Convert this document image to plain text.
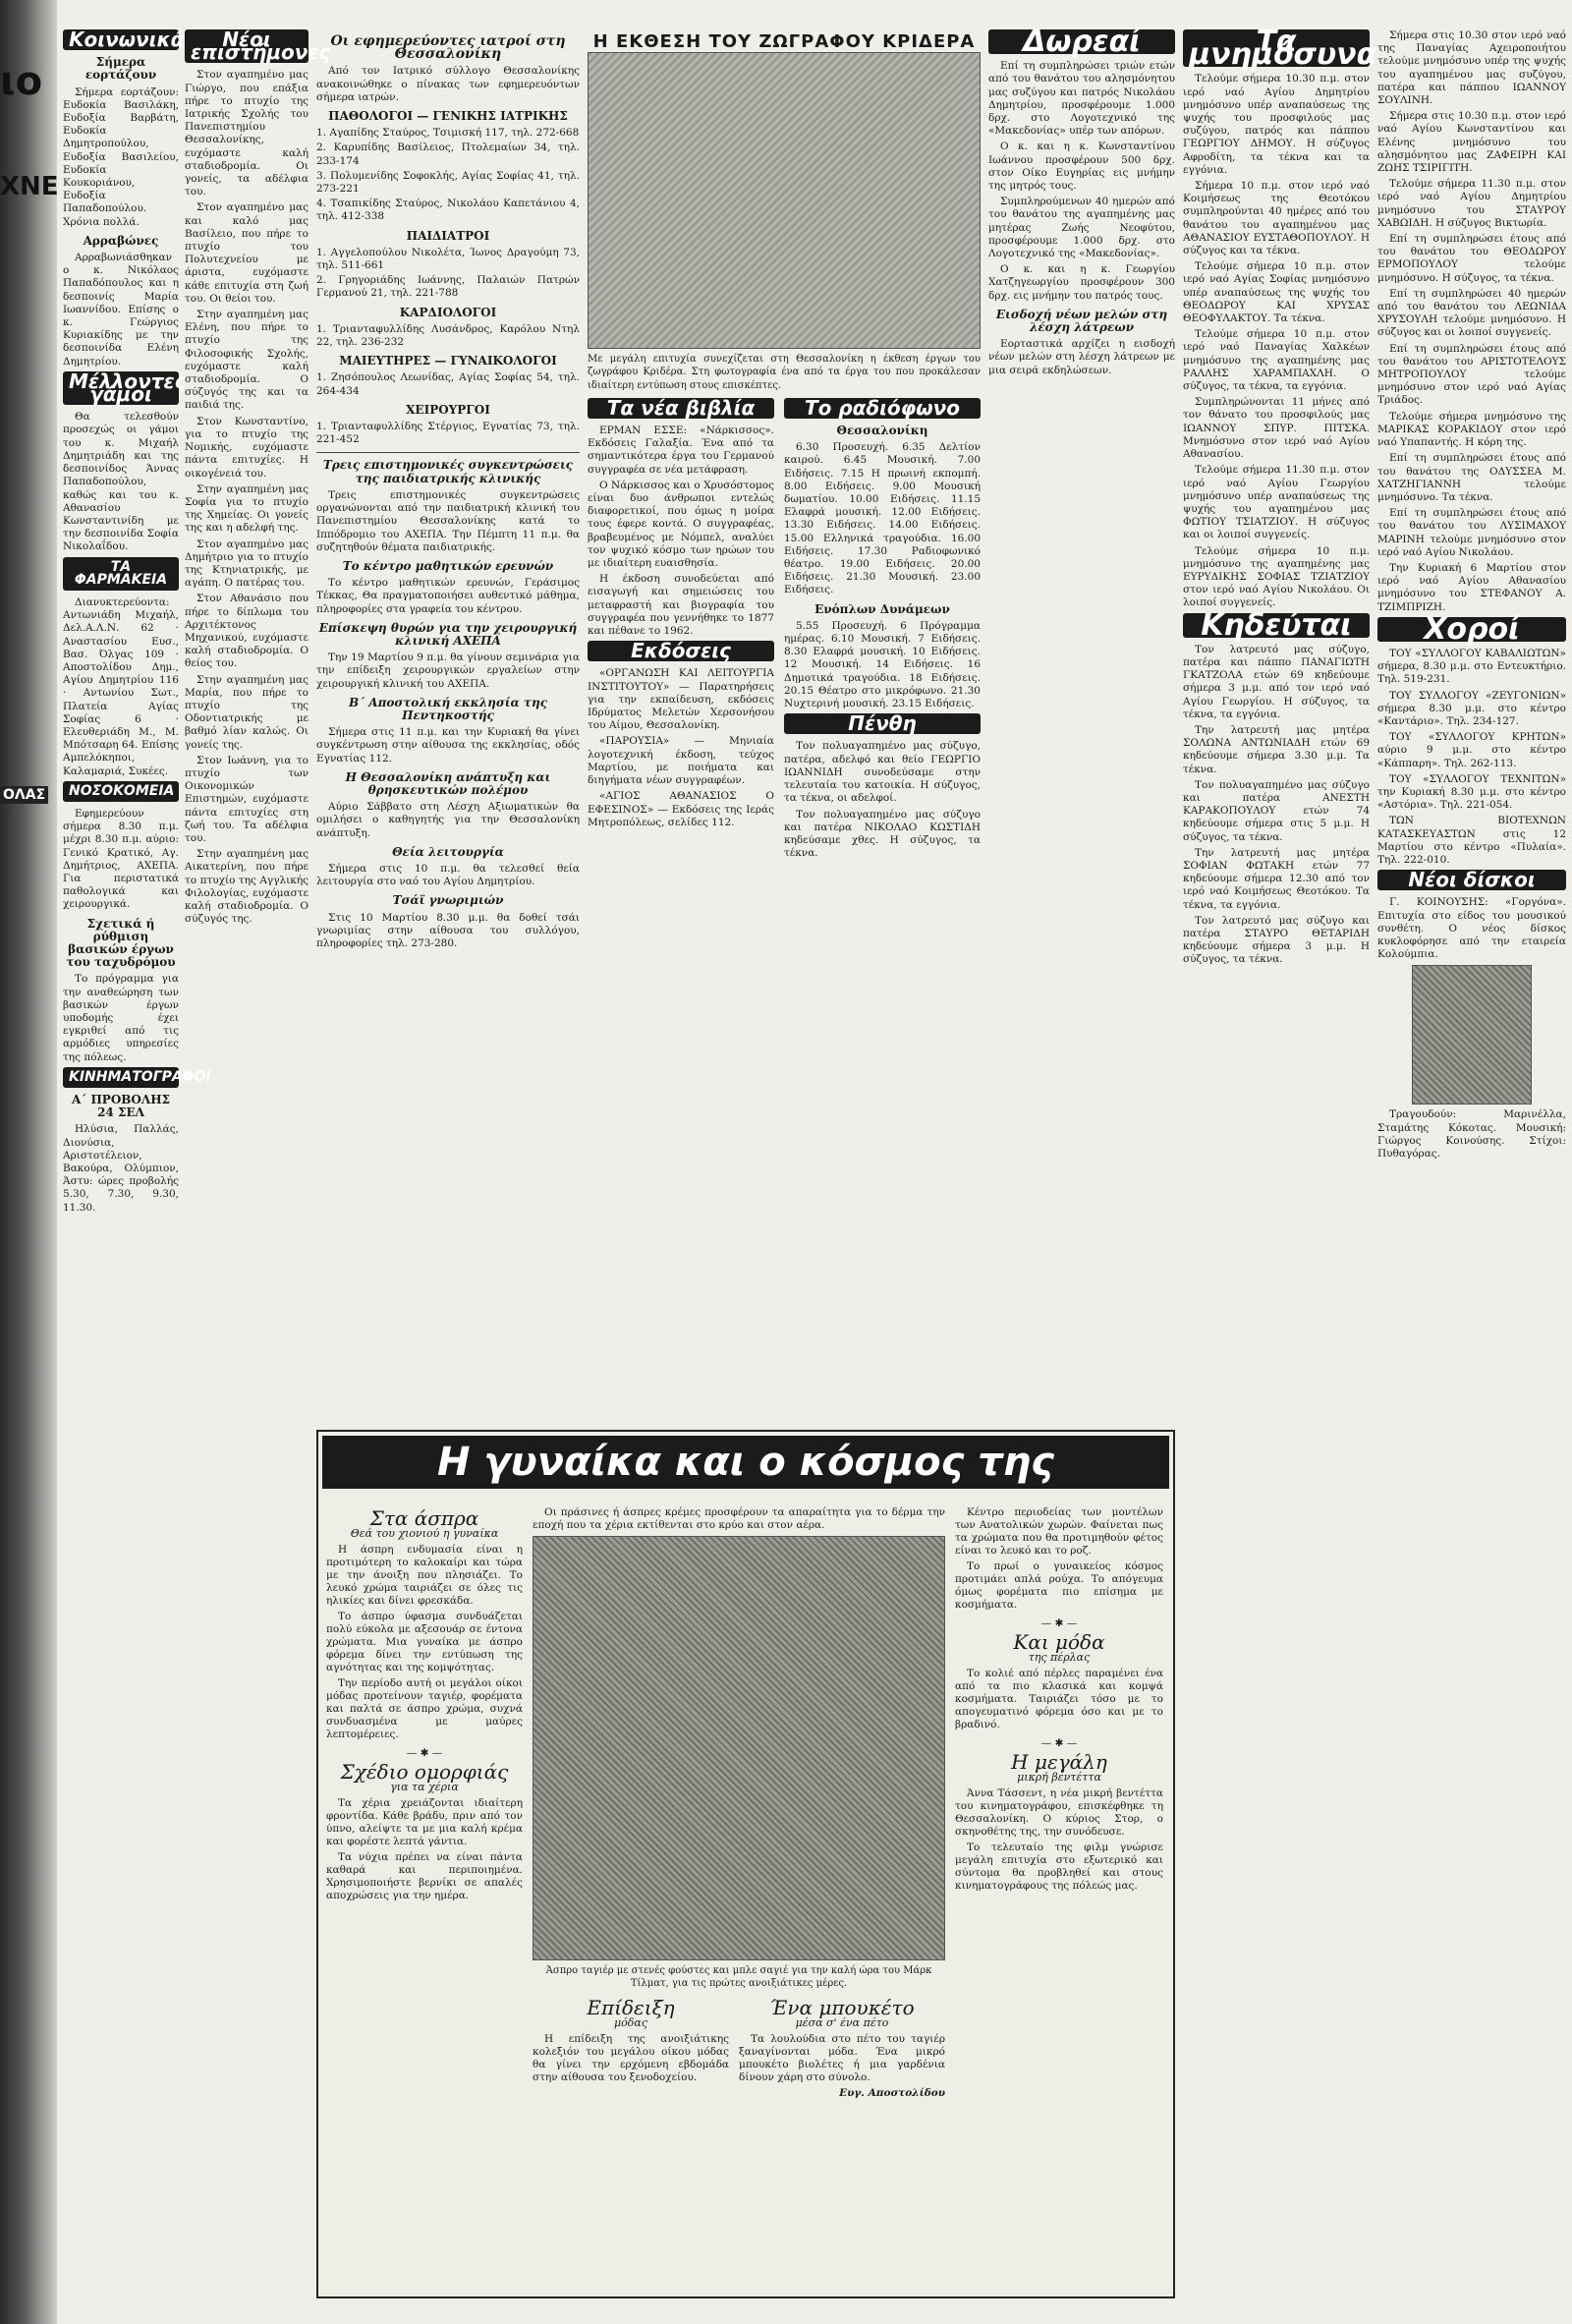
ιο
ΧΝΕ
ΟΛΑΣ
Κοινωνικά
Σήμερα εορτάζουν

Σήμερα εορτάζουν: Ευδοκία Βασιλάκη, Ευδοξία Βαρβάτη, Ευδοκία Δημητροπούλου, Ευδοξία Βασιλείου, Ευδοκία Κουκοριάνου, Ευδοξία Παπαδοπούλου. Χρόνια πολλά.

Αρραβώνες

Αρραβωνιάσθηκαν ο κ. Νικόλαος Παπαδόπουλος και η δεσποινίς Μαρία Ιωαννίδου. Επίσης ο κ. Γεώργιος Κυριακίδης με την δεσποινίδα Ελένη Δημητρίου.

Μέλλοντες γάμοι

Θα τελεσθούν προσεχώς οι γάμοι του κ. Μιχαήλ Δημητριάδη και της δεσποινίδος Άννας Παπαδοπούλου, καθώς και του κ. Αθανασίου Κωνσταντινίδη με την δεσποινίδα Σοφία Νικολαΐδου.

ΤΑ ΦΑΡΜΑΚΕΙΑ

Διανυκτερεύοντα: Αντωνιάδη Μιχαήλ, Δελ.Α.Λ.Ν. 62 · Αναστασίου Ευσ., Βασ. Όλγας 109 · Αποστολίδου Δημ., Αγίου Δημητρίου 116 · Αντωνίου Σωτ., Πλατεία Αγίας Σοφίας 6 · Ελευθεριάδη Μ., Μ. Μπότσαρη 64. Επίσης Αμπελόκηποι, Καλαμαριά, Συκέες.

ΝΟΣΟΚΟΜΕΙΑ

Εφημερεύουν σήμερα 8.30 π.μ. μέχρι 8.30 π.μ. αύριο: Γενικό Κρατικό, Αγ. Δημήτριος, ΑΧΕΠΑ. Για περιστατικά παθολογικά και χειρουργικά.

Σχετικά ή ρύθμιση βασικών έργων του ταχυδρόμου

Το πρόγραμμα για την αναθεώρηση των βασικών έργων υποδομής έχει εγκριθεί από τις αρμόδιες υπηρεσίες της πόλεως.

ΚΙΝΗΜΑΤΟΓΡΑΦΟΙ
Α΄ ΠΡΟΒΟΛΗΣ 24 ΣΕΛ

Ηλύσια, Παλλάς, Διονύσια, Αριστοτέλειον, Βακούρα, Ολύμπιον, Άστυ: ώρες προβολής 5.30, 7.30, 9.30, 11.30.

Νέοι επιστήμονες

Στον αγαπημένο μας Γιώργο, που επάξια πήρε το πτυχίο της Ιατρικής Σχολής του Πανεπιστημίου Θεσσαλονίκης, ευχόμαστε καλή σταδιοδρομία. Οι γονείς, τα αδέλφια του.

Στον αγαπημένο μας και καλό μας Βασίλειο, που πήρε το πτυχίο του Πολυτεχνείου με άριστα, ευχόμαστε κάθε επιτυχία στη ζωή του. Οι θείοι του.

Στην αγαπημένη μας Ελένη, που πήρε το πτυχίο της Φιλοσοφικής Σχολής, ευχόμαστε καλή σταδιοδρομία. Ο σύζυγός της και τα παιδιά της.

Στον Κωνσταντίνο, για το πτυχίο της Νομικής, ευχόμαστε πάντα επιτυχίες. Η οικογένειά του.

Στην αγαπημένη μας Σοφία για το πτυχίο της Χημείας. Οι γονείς της και η αδελφή της.

Στον αγαπημένο μας Δημήτριο για το πτυχίο της Κτηνιατρικής, με αγάπη. Ο πατέρας του.

Στον Αθανάσιο που πήρε το δίπλωμα του Αρχιτέκτονος Μηχανικού, ευχόμαστε καλή σταδιοδρομία. Ο θείος του.

Στην αγαπημένη μας Μαρία, που πήρε το πτυχίο της Οδοντιατρικής με βαθμό λίαν καλώς. Οι γονείς της.

Στον Ιωάννη, για το πτυχίο των Οικονομικών Επιστημών, ευχόμαστε πάντα επιτυχίες στη ζωή του. Τα αδέλφια του.

Στην αγαπημένη μας Αικατερίνη, που πήρε το πτυχίο της Αγγλικής Φιλολογίας, ευχόμαστε καλή σταδιοδρομία. Ο σύζυγός της.

Οι εφημερεύοντες ιατροί στη Θεσσαλονίκη

Από τον Ιατρικό σύλλογο Θεσσαλονίκης ανακοινώθηκε ο πίνακας των εφημερευόντων σήμερα ιατρών.

ΠΑΘΟΛΟΓΟΙ — ΓΕΝΙΚΗΣ ΙΑΤΡΙΚΗΣ
1. Αγαπίδης Σταύρος, Τσιμισκή 117, τηλ. 272-668
2. Καρυπίδης Βασίλειος, Πτολεμαίων 34, τηλ. 233-174
3. Πολυμενίδης Σοφοκλής, Αγίας Σοφίας 41, τηλ. 273-221
4. Τσαπικίδης Σταύρος, Νικολάου Καπετάνιου 4, τηλ. 412-338
ΠΑΙΔΙΑΤΡΟΙ
1. Αγγελοπούλου Νικολέτα, Ίωνος Δραγούμη 73, τηλ. 511-661
2. Γρηγοριάδης Ιωάννης, Παλαιών Πατρών Γερμανού 21, τηλ. 221-788
ΚΑΡΔΙΟΛΟΓΟΙ
1. Τριανταφυλλίδης Λυσάνδρος, Καρόλου Ντηλ 22, τηλ. 236-232
ΜΑΙΕΥΤΗΡΕΣ — ΓΥΝΑΙΚΟΛΟΓΟΙ
1. Ζησόπουλος Λεωνίδας, Αγίας Σοφίας 54, τηλ. 264-434
ΧΕΙΡΟΥΡΓΟΙ
1. Τριανταφυλλίδης Στέργιος, Εγνατίας 73, τηλ. 221-452
Τρεις επιστημονικές συγκεντρώσεις της παιδιατρικής κλινικής

Τρεις επιστημονικές συγκεντρώσεις οργανώνονται από την παιδιατρική κλινική του Πανεπιστημίου Θεσσαλονίκης κατά το Ιππόδρομιο του ΑΧΕΠΑ. Την Πέμπτη 11 π.μ. θα συζητηθούν θέματα παιδιατρικής.

Το κέντρο μαθητικών ερευνών

Το κέντρο μαθητικών ερευνών, Γεράσιμος Τέκκας, Θα πραγματοποιήσει αυθεντικό μάθημα, πληροφορίες στα γραφεία του κέντρου.

Επίσκεψη θυρών για την χειρουργική κλινική ΑΧΕΠΑ

Την 19 Μαρτίου 9 π.μ. θα γίνουν σεμινάρια για την επίδειξη χειρουργικών εργαλείων στην χειρουργική κλινική του ΑΧΕΠΑ.

Β΄ Αποστολική εκκλησία της Πεντηκοστής

Σήμερα στις 11 π.μ. και την Κυριακή θα γίνει συγκέντρωση στην αίθουσα της εκκλησίας, οδός Εγνατίας 112.

Η Θεσσαλονίκη ανάπτυξη και θρησκευτικών πολέμου

Αύριο Σάββατο στη Λέσχη Αξιωματικών θα ομιλήσει ο καθηγητής για την Θεσσαλονίκη ανάπτυξη.

Θεία λειτουργία

Σήμερα στις 10 π.μ. θα τελεσθεί θεία λειτουργία στο ναό του Αγίου Δημητρίου.

Τσάϊ γνωριμιών

Στις 10 Μαρτίου 8.30 μ.μ. θα δοθεί τσάι γνωριμίας στην αίθουσα του συλλόγου, πληροφορίες τηλ. 273-280.

Η ΕΚΘΕΣΗ ΤΟΥ ΖΩΓΡΑΦΟΥ ΚΡΙΔΕΡΑ
Με μεγάλη επιτυχία συνεχίζεται στη Θεσσαλονίκη η έκθεση έργων του ζωγράφου Κριδέρα. Στη φωτογραφία ένα από τα έργα του που προκάλεσαν ιδιαίτερη εντύπωση στους επισκέπτες.
Τα νέα βιβλία

ΕΡΜΑΝ ΕΣΣΕ: «Νάρκισσος». Εκδόσεις Γαλαξία. Ένα από τα σημαντικότερα έργα του Γερμανού συγγραφέα σε νέα μετάφραση.

Ο Νάρκισσος και ο Χρυσόστομος είναι δυο άνθρωποι εντελώς διαφορετικοί, που όμως η μοίρα τους έφερε κοντά. Ο συγγραφέας, βραβευμένος με Νόμπελ, αναλύει τον ψυχικό κόσμο των ηρώων του με ιδιαίτερη ευαισθησία.

Η έκδοση συνοδεύεται από εισαγωγή και σημειώσεις του μεταφραστή και βιογραφία του συγγραφέα που γεννήθηκε το 1877 και πέθανε το 1962.

Εκδόσεις

«ΟΡΓΑΝΩΣΗ ΚΑΙ ΛΕΙΤΟΥΡΓΙΑ ΙΝΣΤΙΤΟΥΤΟΥ» — Παρατηρήσεις για την εκπαίδευση, εκδόσεις Ιδρύματος Μελετών Χερσονήσου του Αίμου, Θεσσαλονίκη.

«ΠΑΡΟΥΣΙΑ» — Μηνιαία λογοτεχνική έκδοση, τεύχος Μαρτίου, με ποιήματα και διηγήματα νέων συγγραφέων.

«ΑΓΙΟΣ ΑΘΑΝΑΣΙΟΣ Ο ΕΦΕΣΙΝΟΣ» — Εκδόσεις της Ιεράς Μητροπόλεως, σελίδες 112.

Το ραδιόφωνο
Θεσσαλονίκη

6.30 Προσευχή. 6.35 Δελτίον καιρού. 6.45 Μουσική. 7.00 Ειδήσεις. 7.15 Η πρωινή εκπομπή. 8.00 Ειδήσεις. 9.00 Μουσική δωματίου. 10.00 Ειδήσεις. 11.15 Ελαφρά μουσική. 12.00 Ειδήσεις. 13.30 Ειδήσεις. 14.00 Ειδήσεις. 15.00 Ελληνικά τραγούδια. 16.00 Ειδήσεις. 17.30 Ραδιοφωνικό θέατρο. 19.00 Ειδήσεις. 20.00 Ειδήσεις. 21.30 Μουσική. 23.00 Ειδήσεις.

Ενόπλων Δυνάμεων

5.55 Προσευχή. 6 Πρόγραμμα ημέρας. 6.10 Μουσική. 7 Ειδήσεις. 8.30 Ελαφρά μουσική. 10 Ειδήσεις. 12 Μουσική. 14 Ειδήσεις. 16 Δημοτικά τραγούδια. 18 Ειδήσεις. 20.15 Θέατρο στο μικρόφωνο. 21.30 Νυχτερινή μουσική. 23.15 Ειδήσεις.

Πένθη

Τον πολυαγαπημένο μας σύζυγο, πατέρα, αδελφό και θείο ΓΕΩΡΓΙΟ ΙΩΑΝΝΙΔΗ συνοδεύσαμε στην τελευταία του κατοικία. Η σύζυγος, τα τέκνα, οι αδελφοί.

Τον πολυαγαπημένο μας σύζυγο και πατέρα ΝΙΚΟΛΑΟ ΚΩΣΤΙΔΗ κηδεύσαμε χθες. Η σύζυγος, τα τέκνα.

Δωρεαί

Επί τη συμπληρώσει τριών ετών από του θανάτου του αλησμόνητου μας συζύγου και πατρός Νικολάου Δημητρίου, προσφέρουμε 1.000 δρχ. στο Λογοτεχνικό της «Μακεδονίας» υπέρ των απόρων.

Ο κ. και η κ. Κωνσταντίνου Ιωάννου προσφέρουν 500 δρχ. στον Οίκο Ευγηρίας εις μνήμην της μητρός τους.

Συμπληρούμενων 40 ημερών από του θανάτου της αγαπημένης μας μητέρας Ζωής Νεοφύτου, προσφέρουμε 1.000 δρχ. στο Λογοτεχνικό της «Μακεδονίας».

Ο κ. και η κ. Γεωργίου Χατζηγεωργίου προσφέρουν 300 δρχ. εις μνήμην του πατρός τους.

Εισδοχή νέων μελών στη λέσχη λάτρεων

Εορταστικά αρχίζει η εισδοχή νέων μελών στη λέσχη λάτρεων με μια σειρά εκδηλώσεων.

Τα μνημόσυνα

Τελούμε σήμερα 10.30 π.μ. στον ιερό ναό Αγίου Δημητρίου μνημόσυνο υπέρ αναπαύσεως της ψυχής του προσφιλούς μας συζύγου, πατρός και πάππου ΓΕΩΡΓΙΟΥ ΔΗΜΟΥ. Η σύζυγος Αφροδίτη, τα τέκνα και τα εγγόνια.

Σήμερα 10 π.μ. στον ιερό ναό Κοιμήσεως της Θεοτόκου συμπληρούνται 40 ημέρες από του θανάτου του αγαπημένου μας ΑΘΑΝΑΣΙΟΥ ΕΥΣΤΑΘΟΠΟΥΛΟΥ. Η σύζυγος και τα τέκνα.

Τελούμε σήμερα 10 π.μ. στον ιερό ναό Αγίας Σοφίας μνημόσυνο υπέρ αναπαύσεως της ψυχής του ΘΕΟΔΩΡΟΥ ΚΑΙ ΧΡΥΣΑΣ ΘΕΟΦΥΛΑΚΤΟΥ. Τα τέκνα.

Τελούμε σήμερα 10 π.μ. στον ιερό ναό Παναγίας Χαλκέων μνημόσυνο της αγαπημένης μας ΡΑΛΛΗΣ ΧΑΡΑΜΠΑΧΛΗ. Ο σύζυγος, τα τέκνα, τα εγγόνια.

Συμπληρώνονται 11 μήνες από τον θάνατο του προσφιλούς μας ΙΩΑΝΝΟΥ ΣΠΥΡ. ΠΙΤΣΚΑ. Μνημόσυνο στον ιερό ναό Αγίου Αθανασίου.

Τελούμε σήμερα 11.30 π.μ. στον ιερό ναό Αγίου Γεωργίου μνημόσυνο υπέρ αναπαύσεως της ψυχής του αγαπημένου μας ΦΩΤΙΟΥ ΤΣΙΑΤΖΙΟΥ. Η σύζυγος και οι λοιποί συγγενείς.

Τελούμε σήμερα 10 π.μ. μνημόσυνο της αγαπημένης μας ΕΥΡΥΔΙΚΗΣ ΣΟΦΙΑΣ ΤΖΙΑΤΖΙΟΥ στον ιερό ναό Αγίου Νικολάου. Οι λοιποί συγγενείς.

Κηδεύται

Τον λατρευτό μας σύζυγο, πατέρα και πάππο ΠΑΝΑΓΙΩΤΗ ΓΚΑΤΖΟΛΑ ετών 69 κηδεύουμε σήμερα 3 μ.μ. από τον ιερό ναό Αγίου Γεωργίου. Η σύζυγος, τα τέκνα, τα εγγόνια.

Την λατρευτή μας μητέρα ΣΟΛΩΝΑ ΑΝΤΩΝΙΑΔΗ ετών 69 κηδεύουμε σήμερα 3.30 μ.μ. Τα τέκνα.

Τον πολυαγαπημένο μας σύζυγο και πατέρα ΑΝΕΣΤΗ ΚΑΡΑΚΟΠΟΥΛΟΥ ετών 74 κηδεύουμε σήμερα στις 5 μ.μ. Η σύζυγος, τα τέκνα.

Την λατρευτή μας μητέρα ΣΟΦΙΑΝ ΦΩΤΑΚΗ ετών 77 κηδεύουμε σήμερα 12.30 από τον ιερό ναό Κοιμήσεως Θεοτόκου. Τα τέκνα, τα εγγόνια.

Τον λατρευτό μας σύζυγο και πατέρα ΣΤΑΥΡΟ ΘΕΤΑΡΙΔΗ κηδεύουμε σήμερα 3 μ.μ. Η σύζυγος, τα τέκνα.

Σήμερα στις 10.30 στον ιερό ναό της Παναγίας Αχειροποιήτου τελούμε μνημόσυνο υπέρ της ψυχής του αγαπημένου μας συζύγου, πατέρα και πάππου ΙΩΑΝΝΟΥ ΣΟΥΛΙΝΗ.

Σήμερα στις 10.30 π.μ. στον ιερό ναό Αγίου Κωνσταντίνου και Ελένης μνημόσυνο του αλησμόνητου μας ΖΑΦΕΙΡΗ ΚΑΙ ΖΩΗΣ ΤΣΙΡΙΓΙΤΗ.

Τελούμε σήμερα 11.30 π.μ. στον ιερό ναό Αγίου Δημητρίου μνημόσυνο του ΣΤΑΥΡΟΥ ΧΑΒΩΙΔΗ. Η σύζυγος Βικτωρία.

Επί τη συμπληρώσει έτους από του θανάτου του ΘΕΟΔΩΡΟΥ ΕΡΜΟΠΟΥΛΟΥ τελούμε μνημόσυνο. Η σύζυγος, τα τέκνα.

Επί τη συμπληρώσει 40 ημερών από του θανάτου του ΛΕΩΝΙΔΑ ΧΡΥΣΟΥΛΗ τελούμε μνημόσυνο. Η σύζυγος και οι λοιποί συγγενείς.

Επί τη συμπληρώσει έτους από του θανάτου του ΑΡΙΣΤΟΤΕΛΟΥΣ ΜΗΤΡΟΠΟΥΛΟΥ τελούμε μνημόσυνο στον ιερό ναό Αγίας Τριάδος.

Τελούμε σήμερα μνημόσυνο της ΜΑΡΙΚΑΣ ΚΟΡΑΚΙΔΟΥ στον ιερό ναό Υπαπαντής. Η κόρη της.

Επί τη συμπληρώσει έτους από του θανάτου της ΟΔΥΣΣΕΑ Μ. ΧΑΤΖΗΓΙΑΝΝΗ τελούμε μνημόσυνο. Τα τέκνα.

Επί τη συμπληρώσει έτους από του θανάτου του ΛΥΣΙΜΑΧΟΥ ΜΑΡΙΝΗ τελούμε μνημόσυνο στον ιερό ναό Αγίου Νικολάου.

Την Κυριακή 6 Μαρτίου στον ιερό ναό Αγίου Αθανασίου μνημόσυνο του ΣΤΕΦΑΝΟΥ Α. ΤΖΙΜΠΡΙΖΗ.

Χοροί

ΤΟΥ «ΣΥΛΛΟΓΟΥ ΚΑΒΑΛΙΩΤΩΝ» σήμερα, 8.30 μ.μ. στο Εντευκτήριο. Τηλ. 519-231.

ΤΟΥ ΣΥΛΛΟΓΟΥ «ΖΕΥΓΟΝΙΩΝ» σήμερα 8.30 μ.μ. στο κέντρο «Καντάριο». Τηλ. 234-127.

ΤΟΥ «ΣΥΛΛΟΓΟΥ ΚΡΗΤΩΝ» αύριο 9 μ.μ. στο κέντρο «Κάππαρη». Τηλ. 262-113.

ΤΟΥ «ΣΥΛΛΟΓΟΥ ΤΕΧΝΙΤΩΝ» την Κυριακή 8.30 μ.μ. στο κέντρο «Αστόρια». Τηλ. 221-054.

ΤΩΝ ΒΙΟΤΕΧΝΩΝ ΚΑΤΑΣΚΕΥΑΣΤΩΝ στις 12 Μαρτίου στο κέντρο «Πυλαία». Τηλ. 222-010.

Νέοι δίσκοι

Γ. ΚΟΙΝΟΥΣΗΣ: «Γοργόνα». Επιτυχία στο είδος του μουσικού συνθέτη. Ο νέος δίσκος κυκλοφόρησε από την εταιρεία Κολούμπια.

Τραγουδούν: Μαρινέλλα, Σταμάτης Κόκοτας. Μουσική: Γιώργος Κοινούσης. Στίχοι: Πυθαγόρας.

Η γυναίκα και ο κόσμος της
Στα άσπρα
Θεά του χιονιού η γυναίκα

Η άσπρη ενδυμασία είναι η προτιμότερη το καλοκαίρι και τώρα με την άνοιξη που πλησιάζει. Το λευκό χρώμα ταιριάζει σε όλες τις ηλικίες και δίνει φρεσκάδα.

Το άσπρο ύφασμα συνδυάζεται πολύ εύκολα με αξεσουάρ σε έντονα χρώματα. Μια γυναίκα με άσπρο φόρεμα δίνει την εντύπωση της αγνότητας και της κομψότητας.

Την περίοδο αυτή οι μεγάλοι οίκοι μόδας προτείνουν ταγιέρ, φορέματα και παλτά σε άσπρο χρώμα, συχνά συνδυασμένα με μαύρες λεπτομέρειες.

— ✱ —
Σχέδιο ομορφιάς
για τα χέρια

Τα χέρια χρειάζονται ιδιαίτερη φροντίδα. Κάθε βράδυ, πριν από τον ύπνο, αλείψτε τα με μια καλή κρέμα και φορέστε λεπτά γάντια.

Τα νύχια πρέπει να είναι πάντα καθαρά και περιποιημένα. Χρησιμοποιήστε βερνίκι σε απαλές αποχρώσεις για την ημέρα.

Οι πράσινες ή άσπρες κρέμες προσφέρουν τα απαραίτητα για το δέρμα την εποχή που τα χέρια εκτίθενται στο κρύο και στον αέρα.

Άσπρο ταγιέρ με στενές φούστες και μπλε σαγιέ για την καλή ώρα του Μάρκ Τίλματ, για τις πρώτες ανοιξιάτικες μέρες.
Επίδειξη
μόδας

Η επίδειξη της ανοιξιάτικης κολεξιόν του μεγάλου οίκου μόδας θα γίνει την ερχόμενη εβδομάδα στην αίθουσα του ξενοδοχείου.

Ένα μπουκέτο
μέσα σ' ένα πέτο

Τα λουλούδια στο πέτο του ταγιέρ ξαναγίνονται μόδα. Ένα μικρό μπουκέτο βιολέτες ή μια γαρδένια δίνουν χάρη στο σύνολο.

Ευγ. Αποστολίδου

Κέντρο περιοδείας των μοντέλων των Ανατολικών χωρών. Φαίνεται πως τα χρώματα που θα προτιμηθούν φέτος είναι το λευκό και το ροζ.

Το πρωί ο γυναικείος κόσμος προτιμάει απλά ρούχα. Το απόγευμα όμως φορέματα πιο επίσημα με κοσμήματα.

— ✱ —
Και μόδα
της πέρλας

Το κολιέ από πέρλες παραμένει ένα από τα πιο κλασικά και κομψά κοσμήματα. Ταιριάζει τόσο με το απογευματινό φόρεμα όσο και με το βραδινό.

— ✱ —
Η μεγάλη
μικρή βεντέττα

Άννα Τάσσεντ, η νέα μικρή βεντέττα του κινηματογράφου, επισκέφθηκε τη Θεσσαλονίκη. Ο κύριος Στορ, ο σκηνοθέτης της, την συνόδευσε.

Το τελευταίο της φιλμ γνώρισε μεγάλη επιτυχία στο εξωτερικό και σύντομα θα προβληθεί και στους κινηματογράφους της πόλεώς μας.
